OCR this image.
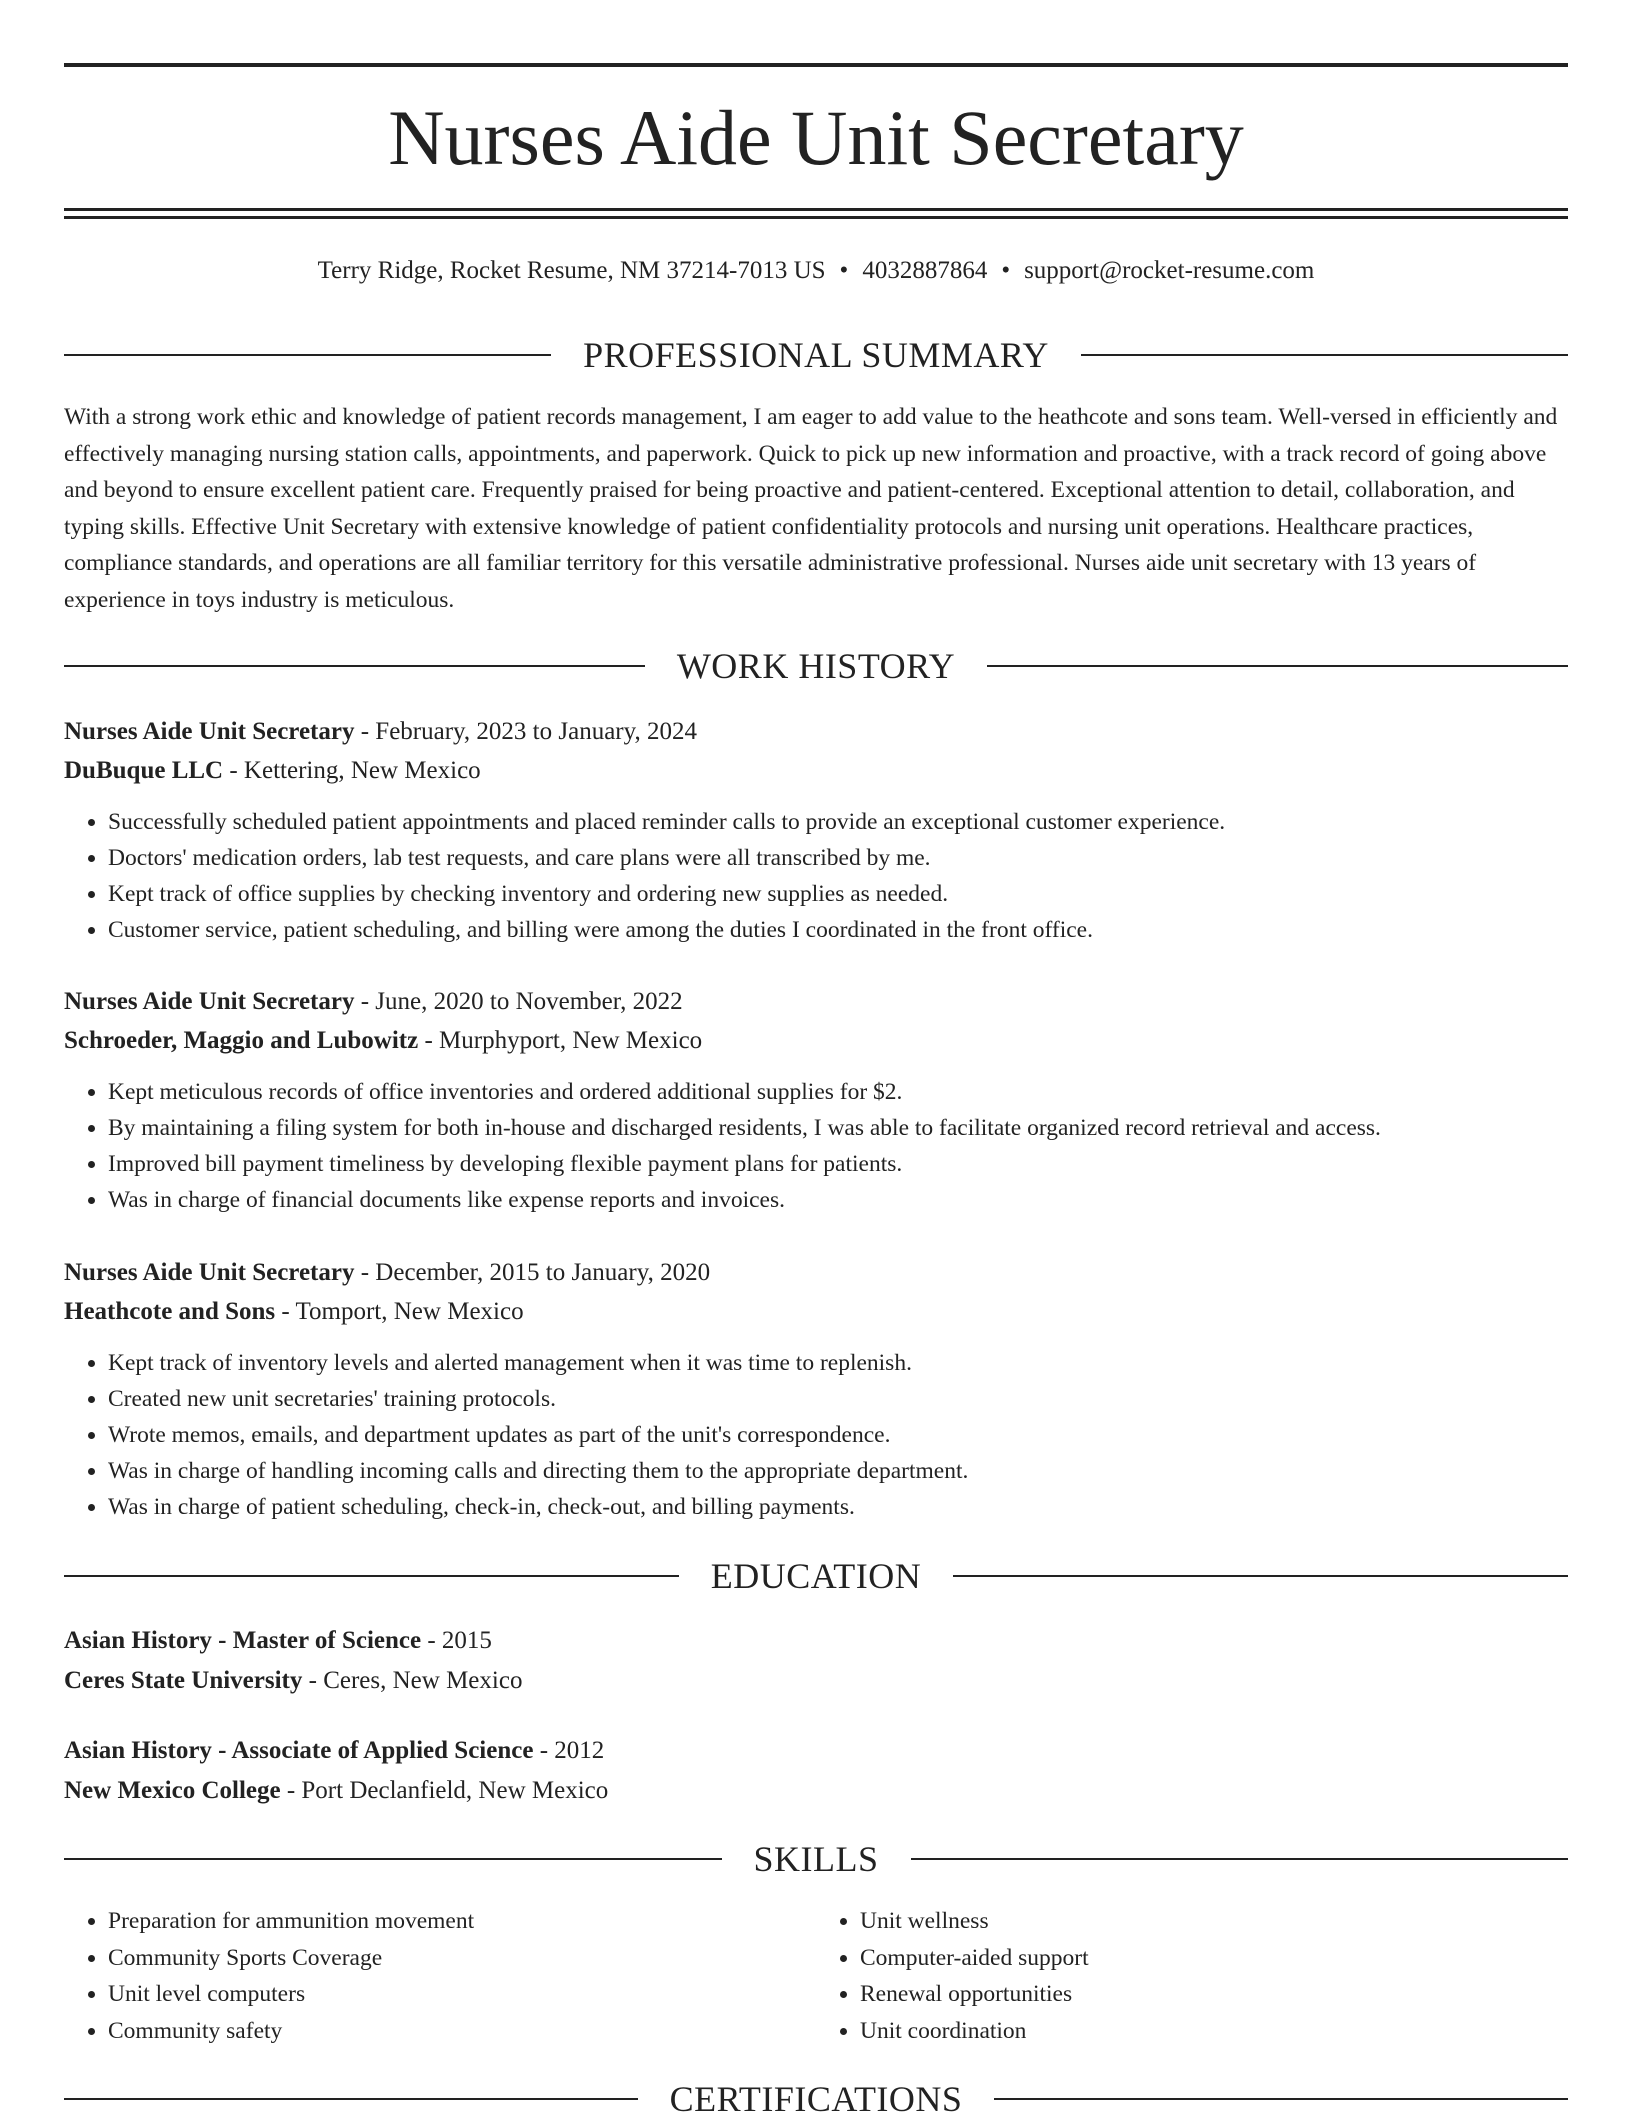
Nurses Aide Unit Secretary
Terry Ridge, Rocket Resume, NM 37214-7013 US • 4032887864 • support@rocket-resume.com
PROFESSIONAL SUMMARY

With a strong work ethic and knowledge of patient records management, I am eager to add value to the heathcote and sons team. Well-versed in efficiently and effectively managing nursing station calls, appointments, and paperwork. Quick to pick up new information and proactive, with a track record of going above and beyond to ensure excellent patient care. Frequently praised for being proactive and patient-centered. Exceptional attention to detail, collaboration, and typing skills. Effective Unit Secretary with extensive knowledge of patient confidentiality protocols and nursing unit operations. Healthcare practices, compliance standards, and operations are all familiar territory for this versatile administrative professional. Nurses aide unit secretary with 13 years of experience in toys industry is meticulous.

WORK HISTORY
Nurses Aide Unit Secretary - February, 2023 to January, 2024
DuBuque LLC - Kettering, New Mexico
• Successfully scheduled patient appointments and placed reminder calls to provide an exceptional customer experience.
• Doctors' medication orders, lab test requests, and care plans were all transcribed by me.
• Kept track of office supplies by checking inventory and ordering new supplies as needed.
• Customer service, patient scheduling, and billing were among the duties I coordinated in the front office.
Nurses Aide Unit Secretary - June, 2020 to November, 2022
Schroeder, Maggio and Lubowitz - Murphyport, New Mexico
• Kept meticulous records of office inventories and ordered additional supplies for $2.
• By maintaining a filing system for both in-house and discharged residents, I was able to facilitate organized record retrieval and access.
• Improved bill payment timeliness by developing flexible payment plans for patients.
• Was in charge of financial documents like expense reports and invoices.
Nurses Aide Unit Secretary - December, 2015 to January, 2020
Heathcote and Sons - Tomport, New Mexico
• Kept track of inventory levels and alerted management when it was time to replenish.
• Created new unit secretaries' training protocols.
• Wrote memos, emails, and department updates as part of the unit's correspondence.
• Was in charge of handling incoming calls and directing them to the appropriate department.
• Was in charge of patient scheduling, check-in, check-out, and billing payments.
EDUCATION
Asian History - Master of Science - 2015
Ceres State University - Ceres, New Mexico
Asian History - Associate of Applied Science - 2012
New Mexico College - Port Declanfield, New Mexico
SKILLS
• Preparation for ammunition movement
• Community Sports Coverage
• Unit level computers
• Community safety
• Unit wellness
• Computer-aided support
• Renewal opportunities
• Unit coordination
CERTIFICATIONS
